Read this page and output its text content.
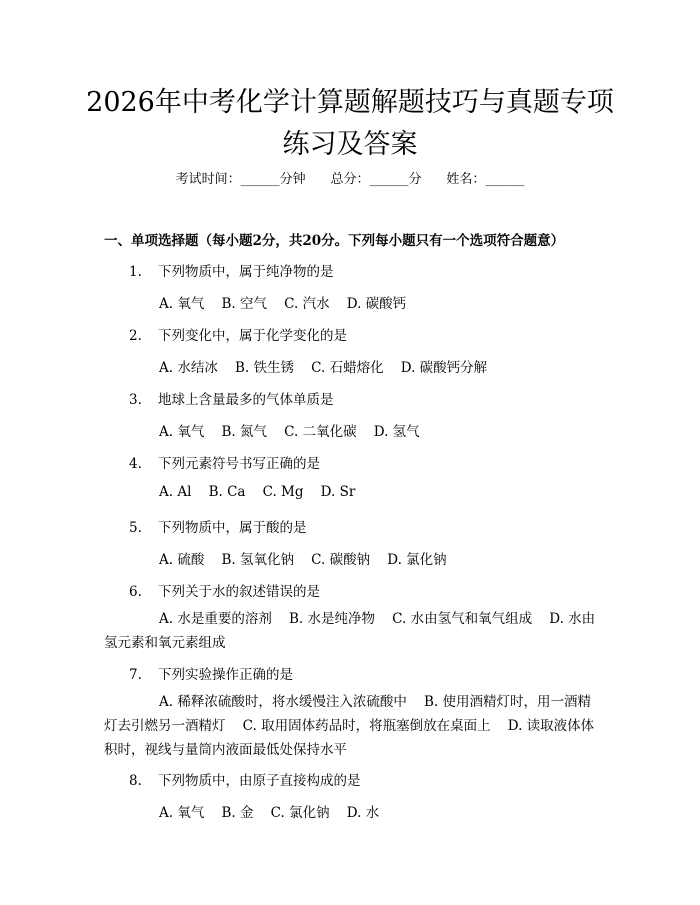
2026年中考化学计算题解题技巧与真题专项
练习及答案
考试时间：______分钟 总分：______分 姓名：______
一、单项选择题（每小题2分，共20分。下列每小题只有一个选项符合题意）
1. 下列物质中，属于纯净物的是
A. 氧气    B. 空气    C. 汽水    D. 碳酸钙
2. 下列变化中，属于化学变化的是
A. 水结冰    B. 铁生锈    C. 石蜡熔化    D. 碳酸钙分解
3. 地球上含量最多的气体单质是
A. 氧气    B. 氮气    C. 二氧化碳    D. 氢气
4. 下列元素符号书写正确的是
A. Al    B. Ca    C. Mg    D. Sr
5. 下列物质中，属于酸的是
A. 硫酸    B. 氢氧化钠    C. 碳酸钠    D. 氯化钠
6. 下列关于水的叙述错误的是
A. 水是重要的溶剂    B. 水是纯净物    C. 水由氢气和氧气组成    D. 水由氢元素和氧元素组成
7. 下列实验操作正确的是
A. 稀释浓硫酸时，将水缓慢注入浓硫酸中    B. 使用酒精灯时，用一酒精灯去引燃另一酒精灯    C. 取用固体药品时，将瓶塞倒放在桌面上    D. 读取液体体积时，视线与量筒内液面最低处保持水平
8. 下列物质中，由原子直接构成的是
A. 氧气    B. 金    C. 氯化钠    D. 水
